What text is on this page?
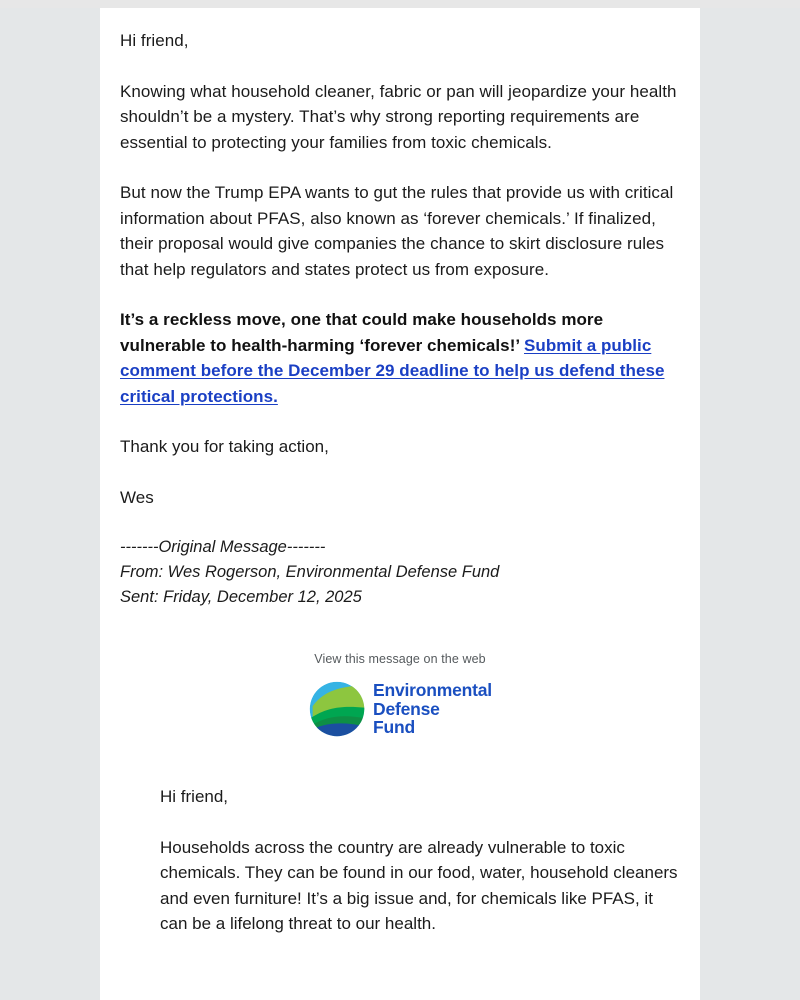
Hi friend,

Knowing what household cleaner, fabric or pan will jeopardize your health shouldn’t be a mystery. That’s why strong reporting requirements are essential to protecting your families from toxic chemicals.

But now the Trump EPA wants to gut the rules that provide us with critical information about PFAS, also known as ‘forever chemicals.’ If finalized, their proposal would give companies the chance to skirt disclosure rules that help regulators and states protect us from exposure.

It’s a reckless move, one that could make households more vulnerable to health-harming ‘forever chemicals!’ Submit a public comment before the December 29 deadline to help us defend these critical protections.

Thank you for taking action,

Wes

-------Original Message-------
From: Wes Rogerson, Environmental Defense Fund
Sent: Friday, December 12, 2025

View this message on the web

Environmental
Defense
Fund

Hi friend,

Households across the country are already vulnerable to toxic chemicals. They can be found in our food, water, household cleaners and even furniture! It’s a big issue and, for chemicals like PFAS, it can be a lifelong threat to our health.
